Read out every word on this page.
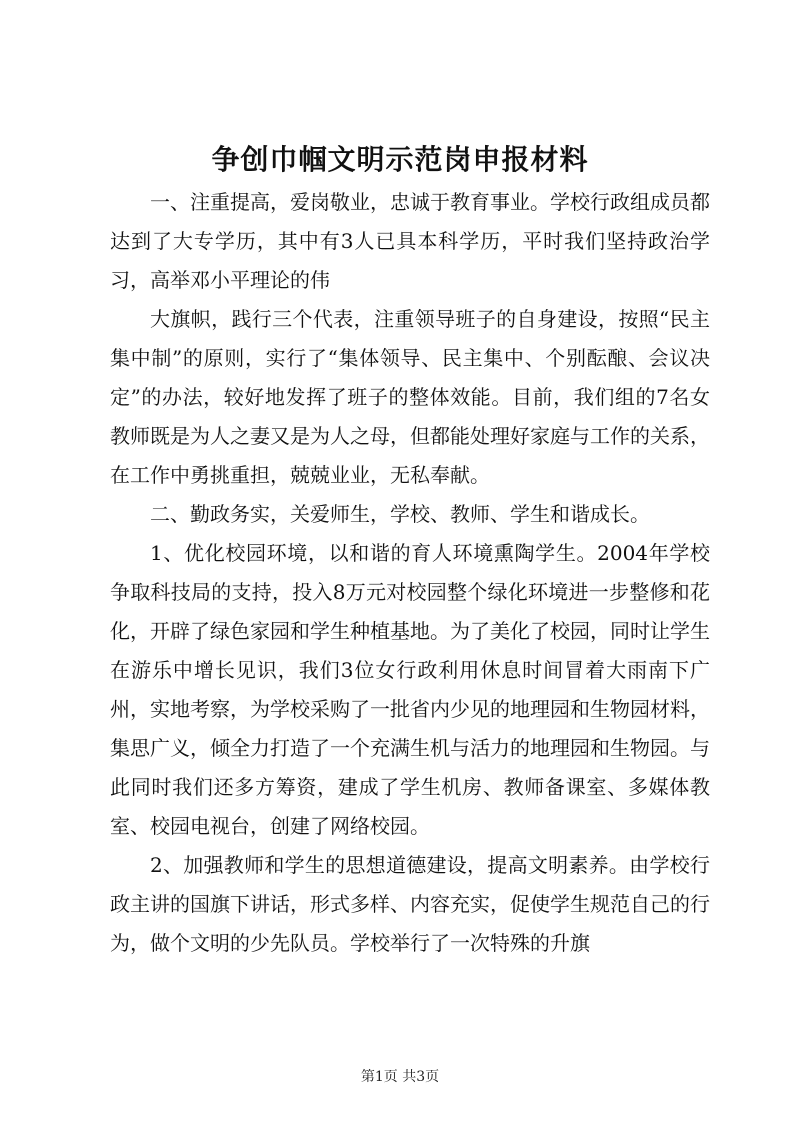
争创巾帼文明示范岗申报材料

一、注重提高，爱岗敬业，忠诚于教育事业。学校行政组成员都达到了大专学历，其中有3人已具本科学历，平时我们坚持政治学习，高举邓小平理论的伟

大旗帜，践行三个代表，注重领导班子的自身建设，按照“民主集中制”的原则，实行了“集体领导、民主集中、个别酝酿、会议决定”的办法，较好地发挥了班子的整体效能。目前，我们组的7名女教师既是为人之妻又是为人之母，但都能处理好家庭与工作的关系，在工作中勇挑重担，兢兢业业，无私奉献。

二、勤政务实，关爱师生，学校、教师、学生和谐成长。

1、优化校园环境，以和谐的育人环境熏陶学生。2004年学校争取科技局的支持，投入8万元对校园整个绿化环境进一步整修和花化，开辟了绿色家园和学生种植基地。为了美化了校园，同时让学生在游乐中增长见识，我们3位女行政利用休息时间冒着大雨南下广州，实地考察，为学校采购了一批省内少见的地理园和生物园材料，集思广义，倾全力打造了一个充满生机与活力的地理园和生物园。与此同时我们还多方筹资，建成了学生机房、教师备课室、多媒体教室、校园电视台，创建了网络校园。

2、加强教师和学生的思想道德建设，提高文明素养。由学校行政主讲的国旗下讲话，形式多样、内容充实，促使学生规范自己的行为，做个文明的少先队员。学校举行了一次特殊的升旗

第1页 共3页
